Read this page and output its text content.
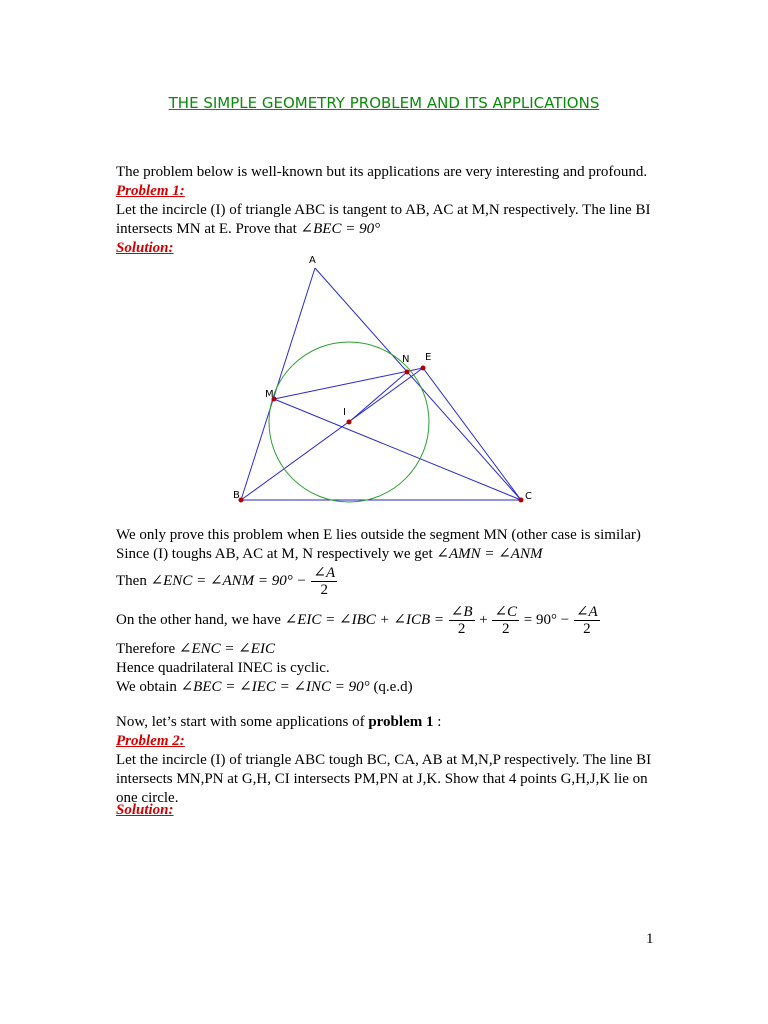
THE SIMPLE GEOMETRY PROBLEM AND ITS APPLICATIONS
The problem below is well-known but its applications are very interesting and profound.
Problem 1:
Let the incircle (I) of triangle ABC is tangent to AB, AC at M,N respectively. The line BI
intersects MN at E. Prove that ∠BEC = 90°
Solution:
A
B	C
M
N E
I
We only prove this problem when E lies outside the segment MN (other case is similar)
Since (I) toughs AB, AC at M, N respectively we get ∠AMN = ∠ANM
Then ∠ENC = ∠ANM = $90^\circ - \frac{\angle A}{2}$
On the other hand, we have ∠EIC = ∠IBC + ∠ICB = $\frac{\angle B}{2} + \frac{\angle C}{2} = 90^\circ - \frac{\angle A}{2}$
Therefore ∠ENC = ∠EIC
Hence quadrilateral INEC is cyclic.
We obtain ∠BEC = ∠IEC = ∠INC = 90° (q.e.d)
Now, let’s start with some applications of problem 1 :
Problem 2:
Let the incircle (I) of triangle ABC tough BC, CA, AB at M,N,P respectively. The line BI
intersects MN,PN at G,H, CI intersects PM,PN at J,K. Show that 4 points G,H,J,K lie on
one circle.
Solution:
1
